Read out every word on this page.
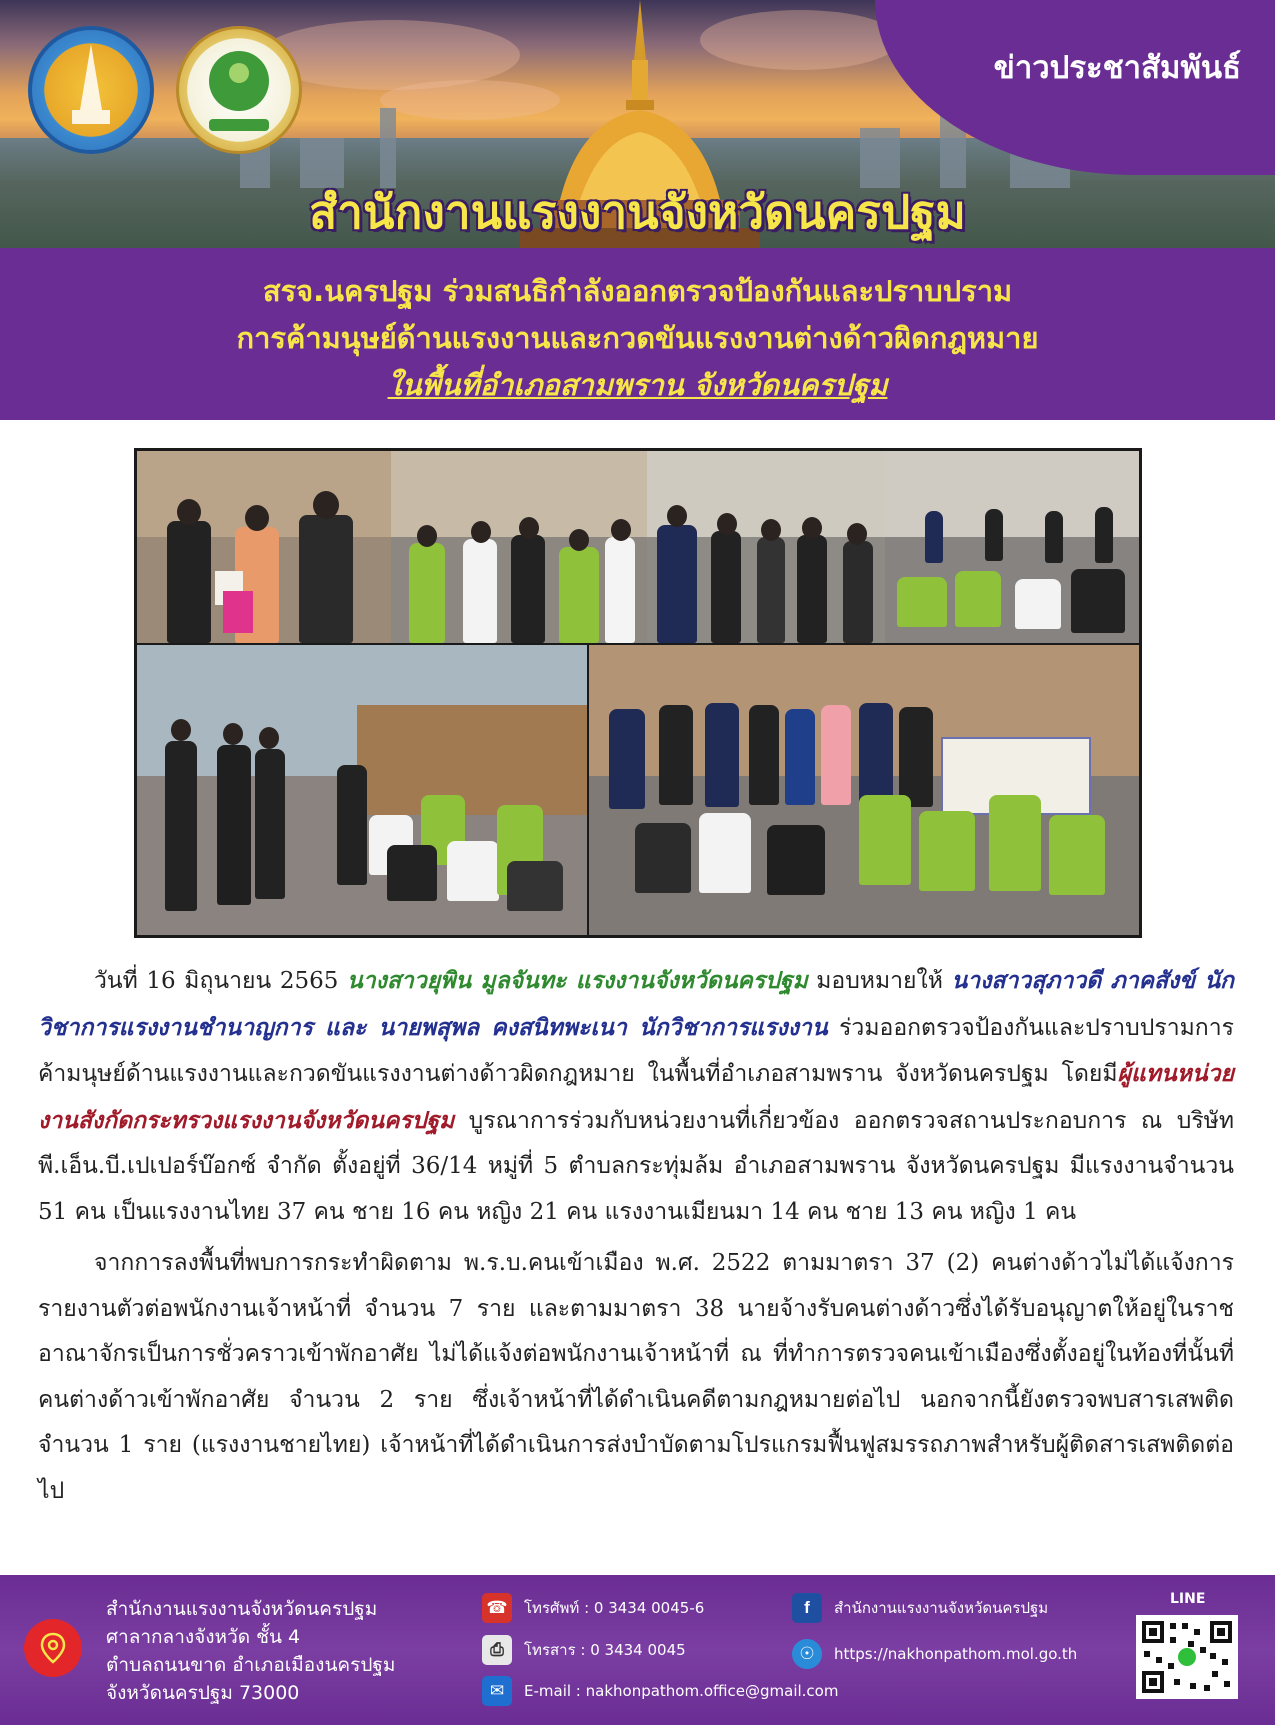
ข่าวประชาสัมพันธ์
สำนักงานแรงงานจังหวัดนครปฐม
สรจ.นครปฐม ร่วมสนธิกำลังออกตรวจป้องกันและปราบปราม
การค้ามนุษย์ด้านแรงงานและกวดขันแรงงานต่างด้าวผิดกฎหมาย
ในพื้นที่อำเภอสามพราน จังหวัดนครปฐม

วันที่ 16 มิถุนายน 2565 นางสาวยุพิน มูลจันทะ แรงงานจังหวัดนครปฐม มอบหมายให้ นางสาวสุภาวดี ภาคสังข์ นักวิชาการแรงงานชำนาญการ และ นายพสุพล คงสนิทพะเนา นักวิชาการแรงงาน ร่วมออกตรวจป้องกันและปราบปรามการค้ามนุษย์ด้านแรงงานและกวดขันแรงงานต่างด้าวผิดกฎหมาย ในพื้นที่อำเภอสามพราน จังหวัดนครปฐม โดยมีผู้แทนหน่วยงานสังกัดกระทรวงแรงงานจังหวัดนครปฐม บูรณาการร่วมกับหน่วยงานที่เกี่ยวข้อง ออกตรวจสถานประกอบการ ณ บริษัท พี.เอ็น.บี.เปเปอร์บ๊อกซ์ จำกัด ตั้งอยู่ที่ 36/14 หมู่ที่ 5 ตำบลกระทุ่มล้ม อำเภอสามพราน จังหวัดนครปฐม มีแรงงานจำนวน 51 คน เป็นแรงงานไทย 37 คน ชาย 16 คน หญิง 21 คน แรงงานเมียนมา 14 คน ชาย 13 คน หญิง 1 คน

จากการลงพื้นที่พบการกระทำผิดตาม พ.ร.บ.คนเข้าเมือง พ.ศ. 2522 ตามมาตรา 37 (2) คนต่างด้าวไม่ได้แจ้งการรายงานตัวต่อพนักงานเจ้าหน้าที่ จำนวน 7 ราย และตามมาตรา 38 นายจ้างรับคนต่างด้าวซึ่งได้รับอนุญาตให้อยู่ในราชอาณาจักรเป็นการชั่วคราวเข้าพักอาศัย ไม่ได้แจ้งต่อพนักงานเจ้าหน้าที่ ณ ที่ทำการตรวจคนเข้าเมืองซึ่งตั้งอยู่ในท้องที่นั้นที่คนต่างด้าวเข้าพักอาศัย จำนวน 2 ราย ซึ่งเจ้าหน้าที่ได้ดำเนินคดีตามกฎหมายต่อไป นอกจากนี้ยังตรวจพบสารเสพติด จำนวน 1 ราย (แรงงานชายไทย) เจ้าหน้าที่ได้ดำเนินการส่งบำบัดตามโปรแกรมฟื้นฟูสมรรถภาพสำหรับผู้ติดสารเสพติดต่อไป

สำนักงานแรงงานจังหวัดนครปฐม
ศาลากลางจังหวัด ชั้น 4
ตำบลถนนขาด อำเภอเมืองนครปฐม
จังหวัดนครปฐม 73000
☎ โทรศัพท์ : 0 3434 0045-6
⎙	โทรสาร : 0 3434 0045
✉	E-mail : nakhonpathom.office@gmail.com
f	สำนักงานแรงงานจังหวัดนครปฐม
☉	https://nakhonpathom.mol.go.th
LINE
